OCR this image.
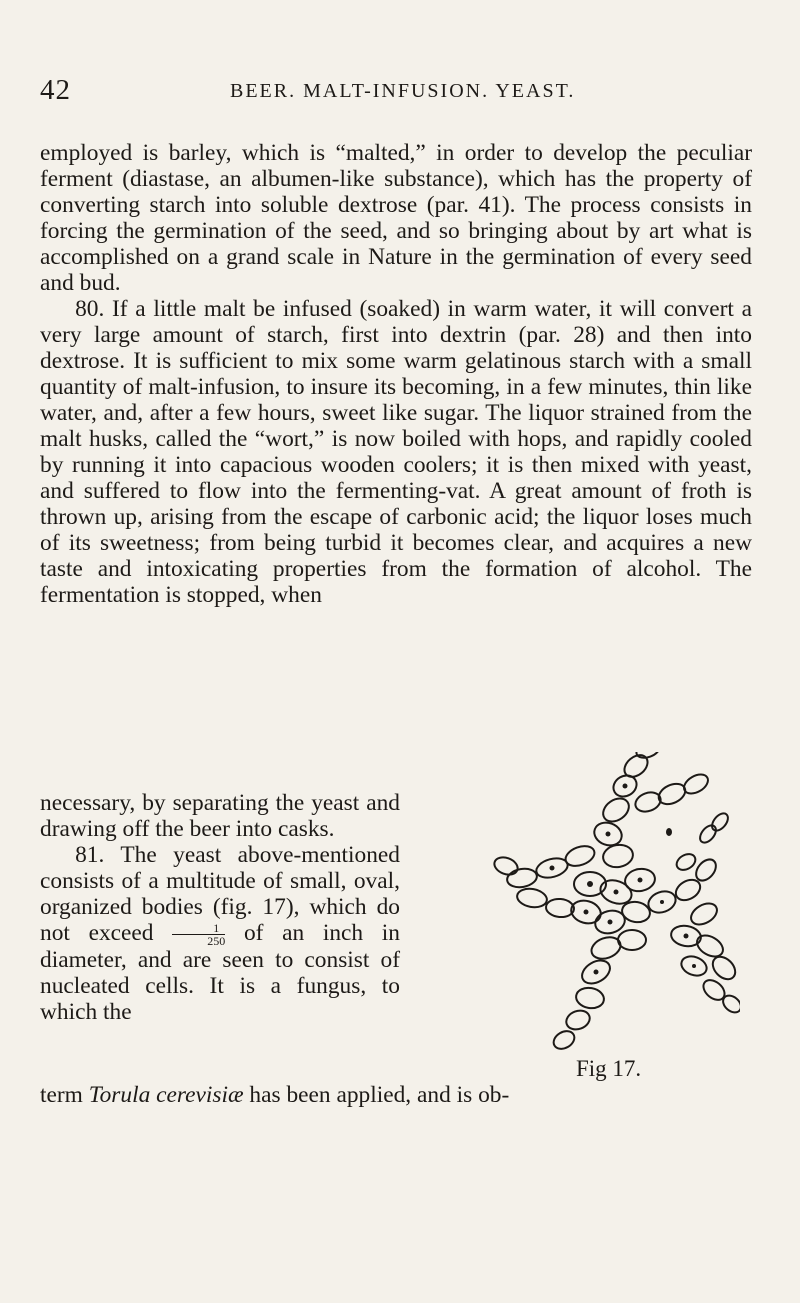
42	BEER. MALT-INFUSION. YEAST.

employed is barley, which is “malted,” in order to develop the peculiar ferment (diastase, an albumen-like substance), which has the property of converting starch into soluble dextrose (par. 41). The process consists in forcing the germination of the seed, and so bringing about by art what is accomplished on a grand scale in Nature in the germination of every seed and bud.

80. If a little malt be infused (soaked) in warm water, it will convert a very large amount of starch, first into dextrin (par. 28) and then into dextrose. It is sufficient to mix some warm gelatinous starch with a small quantity of malt-infusion, to insure its becoming, in a few minutes, thin like water, and, after a few hours, sweet like sugar. The liquor strained from the malt husks, called the “wort,” is now boiled with hops, and rapidly cooled by running it into capacious wooden coolers; it is then mixed with yeast, and suffered to flow into the fermenting-vat. A great amount of froth is thrown up, arising from the escape of carbonic acid; the liquor loses much of its sweetness; from being turbid it becomes clear, and acquires a new taste and intoxicating properties from the formation of alcohol. The fermentation is stopped, when

necessary, by separating the yeast and drawing off the beer into casks.

81. The yeast above-mentioned consists of a multitude of small, oval, organized bodies (fig. 17), which do not exceed $\frac{1}{250}$ of an inch in diameter, and are seen to consist of nucleated cells. It is a fungus, to which the

term Torula cerevisiæ has been applied, and is ob-
Fig 17.
